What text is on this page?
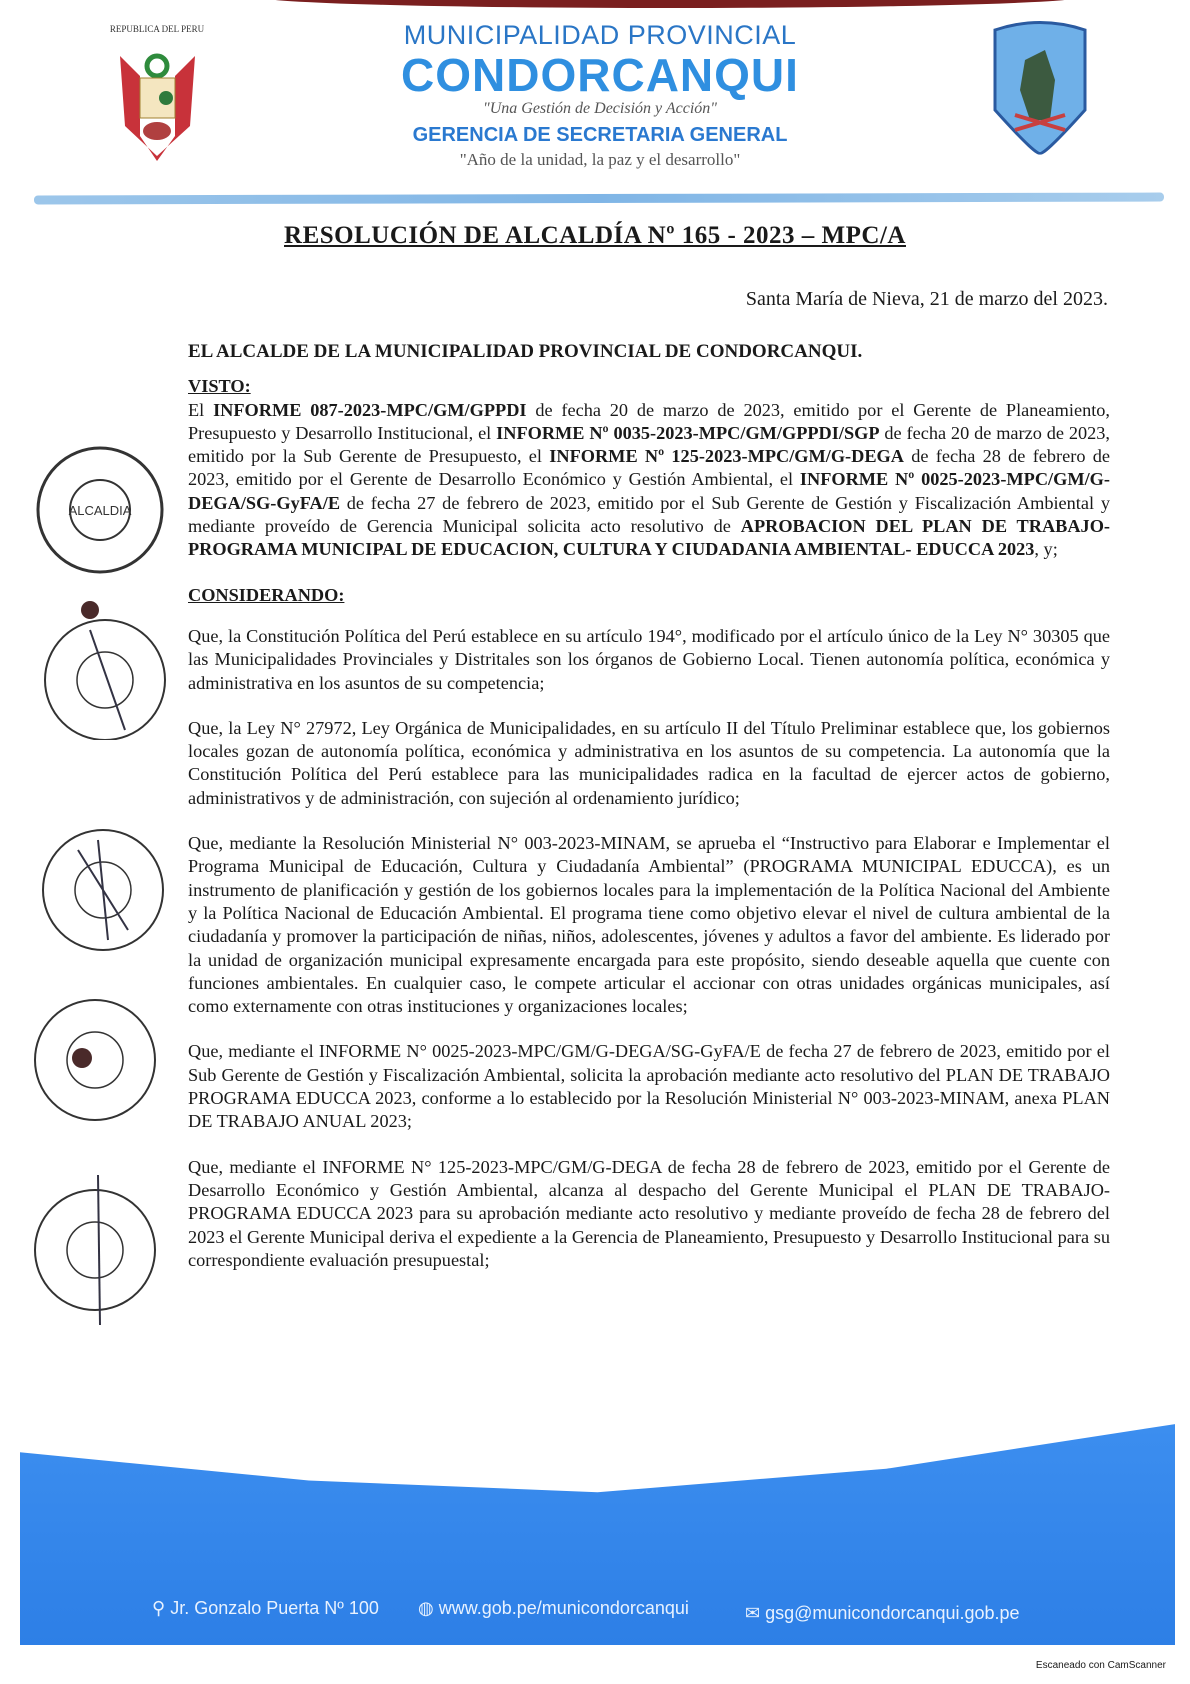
REPUBLICA DEL PERU	MUNICIPALIDAD PROVINCIAL
CONDORCANQUI
"Una Gestión de Decisión y Acción"
GERENCIA DE SECRETARIA GENERAL
"Año de la unidad, la paz y el desarrollo"
RESOLUCIÓN DE ALCALDÍA Nº 165 - 2023 – MPC/A
Santa María de Nieva, 21 de marzo del 2023.

EL ALCALDE DE LA MUNICIPALIDAD PROVINCIAL DE CONDORCANQUI.

VISTO:

El INFORME 087-2023-MPC/GM/GPPDI de fecha 20 de marzo de 2023, emitido por el Gerente de Planeamiento, Presupuesto y Desarrollo Institucional, el INFORME Nº 0035-2023-MPC/GM/GPPDI/SGP de fecha 20 de marzo de 2023, emitido por la Sub Gerente de Presupuesto, el INFORME Nº 125-2023-MPC/GM/G-DEGA de fecha 28 de febrero de 2023, emitido por el Gerente de Desarrollo Económico y Gestión Ambiental, el INFORME Nº 0025-2023-MPC/GM/G-DEGA/SG-GyFA/E de fecha 27 de febrero de 2023, emitido por el Sub Gerente de Gestión y Fiscalización Ambiental y mediante proveído de Gerencia Municipal solicita acto resolutivo de APROBACION DEL PLAN DE TRABAJO-PROGRAMA MUNICIPAL DE EDUCACION, CULTURA Y CIUDADANIA AMBIENTAL- EDUCCA 2023, y;

CONSIDERANDO:

Que, la Constitución Política del Perú establece en su artículo 194°, modificado por el artículo único de la Ley N° 30305 que las Municipalidades Provinciales y Distritales son los órganos de Gobierno Local. Tienen autonomía política, económica y administrativa en los asuntos de su competencia;

Que, la Ley N° 27972, Ley Orgánica de Municipalidades, en su artículo II del Título Preliminar establece que, los gobiernos locales gozan de autonomía política, económica y administrativa en los asuntos de su competencia. La autonomía que la Constitución Política del Perú establece para las municipalidades radica en la facultad de ejercer actos de gobierno, administrativos y de administración, con sujeción al ordenamiento jurídico;

Que, mediante la Resolución Ministerial N° 003-2023-MINAM, se aprueba el “Instructivo para Elaborar e Implementar el Programa Municipal de Educación, Cultura y Ciudadanía Ambiental” (PROGRAMA MUNICIPAL EDUCCA), es un instrumento de planificación y gestión de los gobiernos locales para la implementación de la Política Nacional del Ambiente y la Política Nacional de Educación Ambiental. El programa tiene como objetivo elevar el nivel de cultura ambiental de la ciudadanía y promover la participación de niñas, niños, adolescentes, jóvenes y adultos a favor del ambiente. Es liderado por la unidad de organización municipal expresamente encargada para este propósito, siendo deseable aquella que cuente con funciones ambientales. En cualquier caso, le compete articular el accionar con otras unidades orgánicas municipales, así como externamente con otras instituciones y organizaciones locales;

Que, mediante el INFORME N° 0025-2023-MPC/GM/G-DEGA/SG-GyFA/E de fecha 27 de febrero de 2023, emitido por el Sub Gerente de Gestión y Fiscalización Ambiental, solicita la aprobación mediante acto resolutivo del PLAN DE TRABAJO PROGRAMA EDUCCA 2023, conforme a lo establecido por la Resolución Ministerial N° 003-2023-MINAM, anexa PLAN DE TRABAJO ANUAL 2023;

Que, mediante el INFORME N° 125-2023-MPC/GM/G-DEGA de fecha 28 de febrero de 2023, emitido por el Gerente de Desarrollo Económico y Gestión Ambiental, alcanza al despacho del Gerente Municipal el PLAN DE TRABAJO-PROGRAMA EDUCCA 2023 para su aprobación mediante acto resolutivo y mediante proveído de fecha 28 de febrero del 2023 el Gerente Municipal deriva el expediente a la Gerencia de Planeamiento, Presupuesto y Desarrollo Institucional para su correspondiente evaluación presupuestal;

ALCALDIA
⚲ Jr. Gonzalo Puerta Nº 100 ◍ www.gob.pe/municondorcanqui	✉ gsg@municondorcanqui.gob.pe
Escaneado con CamScanner
